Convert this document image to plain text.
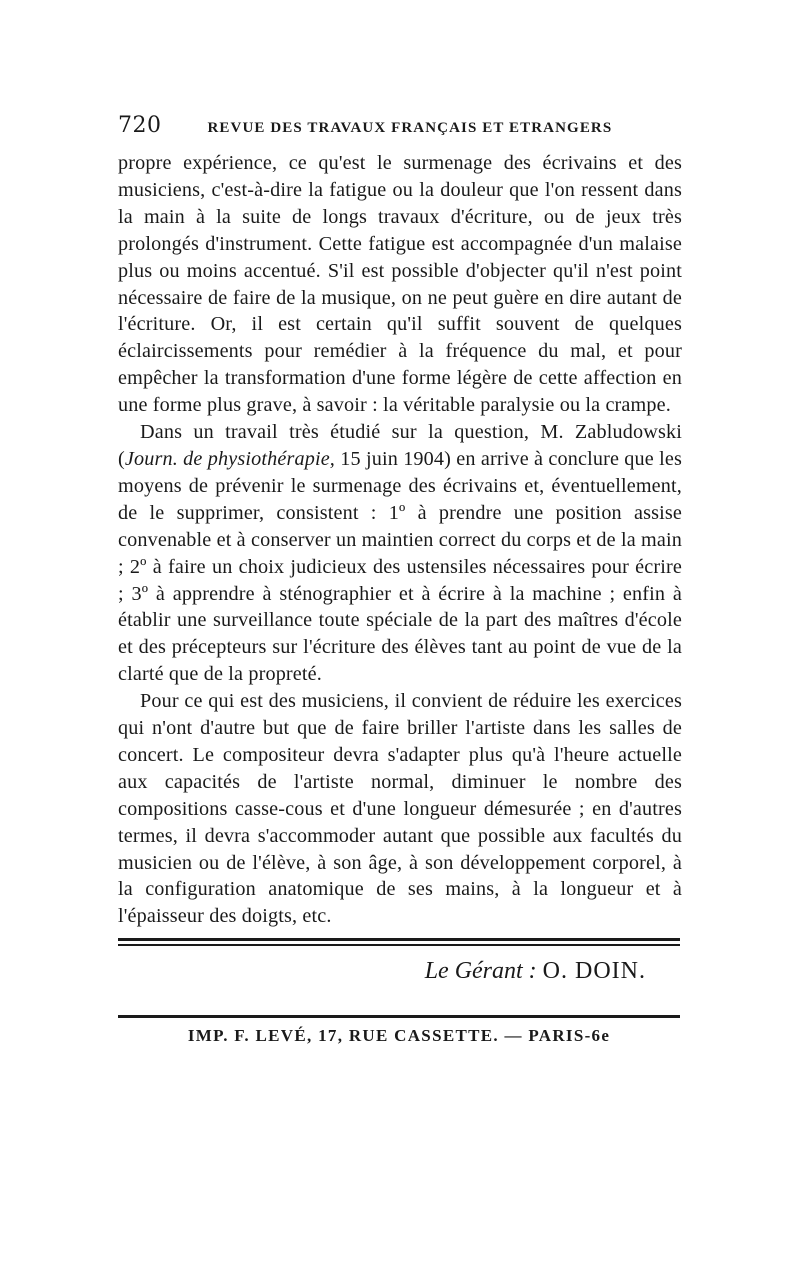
720	REVUE DES TRAVAUX FRANÇAIS ET ETRANGERS

propre expérience, ce qu'est le surmenage des écrivains et des musiciens, c'est-à-dire la fatigue ou la douleur que l'on ressent dans la main à la suite de longs travaux d'écriture, ou de jeux très prolongés d'instrument. Cette fatigue est accompagnée d'un malaise plus ou moins accentué. S'il est possible d'objecter qu'il n'est point nécessaire de faire de la musique, on ne peut guère en dire autant de l'écriture. Or, il est certain qu'il suffit souvent de quelques éclaircissements pour remédier à la fréquence du mal, et pour empêcher la transformation d'une forme légère de cette affection en une forme plus grave, à savoir : la véritable paralysie ou la crampe.

Dans un travail très étudié sur la question, M. Zabludowski (Journ. de physiothérapie, 15 juin 1904) en arrive à conclure que les moyens de prévenir le surmenage des écrivains et, éventuellement, de le supprimer, consistent : 1º à prendre une position assise convenable et à conserver un maintien correct du corps et de la main ; 2º à faire un choix judicieux des ustensiles nécessaires pour écrire ; 3º à apprendre à sténographier et à écrire à la machine ; enfin à établir une surveillance toute spéciale de la part des maîtres d'école et des précepteurs sur l'écriture des élèves tant au point de vue de la clarté que de la propreté.

Pour ce qui est des musiciens, il convient de réduire les exercices qui n'ont d'autre but que de faire briller l'artiste dans les salles de concert. Le compositeur devra s'adapter plus qu'à l'heure actuelle aux capacités de l'artiste normal, diminuer le nombre des compositions casse-cous et d'une longueur démesurée ; en d'autres termes, il devra s'accommoder autant que possible aux facultés du musicien ou de l'élève, à son âge, à son développement corporel, à la configuration anatomique de ses mains, à la longueur et à l'épaisseur des doigts, etc.

Le Gérant : O. DOIN.
IMP. F. LEVÉ, 17, RUE CASSETTE. — PARIS-6e
